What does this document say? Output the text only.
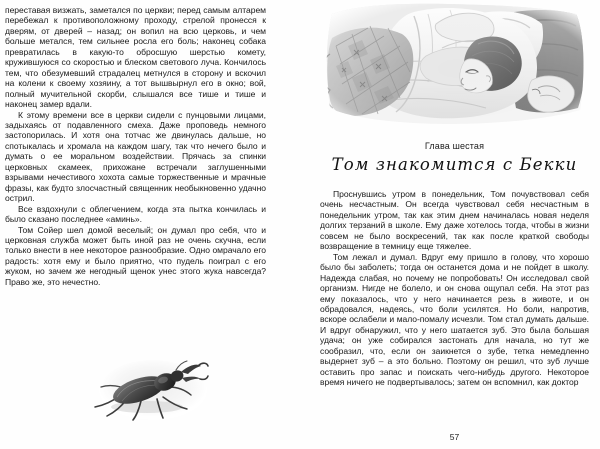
переставая визжать, заметался по церкви; перед самым алтарем перебежал к противоположному проходу, стрелой пронесся к дверям, от дверей – назад; он вопил на всю церковь, и чем больше метался, тем сильнее росла его боль; наконец собака превратилась в какую-то обросшую шерстью комету, кружившуюся со скоростью и блеском светового луча. Кончилось тем, что обезумевший страдалец метнулся в сторону и вскочил на колени к своему хозяину, а тот вышвырнул его в окно; вой, полный мучительной скорби, слышался все тише и тише и наконец замер вдали.

К этому времени все в церкви сидели с пунцовыми лицами, задыхаясь от подавленного смеха. Даже проповедь немного застопорилась. И хотя она тотчас же двинулась дальше, но спотыкалась и хромала на каждом шагу, так что нечего было и думать о ее моральном воздействии. Прячась за спинки церковных скамеек, прихожане встречали заглушенными взрывами нечестивого хохота самые торжественные и мрачные фразы, как будто злосчастный священник необыкновенно удачно острил.

Все вздохнули с облегчением, когда эта пытка кончилась и было сказано последнее «аминь».

Том Сойер шел домой веселый; он думал про себя, что и церковная служба может быть иной раз не очень скучна, если только внести в нее некоторое разнообразие. Одно омрачало его радость: хотя ему и было приятно, что пудель поиграл с его жуком, но зачем же негодный щенок унес этого жука навсегда? Право же, это нечестно.

Проснувшись утром в понедельник, Том почувствовал себя очень несчастным. Он всегда чувствовал себя несчастным в понедельник утром, так как этим днем начиналась новая неделя долгих терзаний в школе. Ему даже хотелось тогда, чтобы в жизни совсем не было воскресений, так как после краткой свободы возвращение в темницу еще тяжелее.

Том лежал и думал. Вдруг ему пришло в голову, что хорошо было бы заболеть; тогда он останется дома и не пойдет в школу. Надежда слабая, но почему не попробовать! Он исследовал свой организм. Нигде не болело, и он снова ощупал себя. На этот раз ему показалось, что у него начинается резь в животе, и он обрадовался, надеясь, что боли усилятся. Но боли, напротив, вскоре ослабели и мало-помалу исчезли. Том стал думать дальше. И вдруг обнаружил, что у него шатается зуб. Это была большая удача; он уже собирался застонать для начала, но тут же сообразил, что, если он заикнется о зубе, тетка немедленно выдернет зуб – а это больно. Поэтому он решил, что зуб лучше оставить про запас и поискать чего-нибудь другого. Некоторое время ничего не подвертывалось; затем он вспомнил, как доктор

Глава шестая
Том знакомится с Бекки
57
